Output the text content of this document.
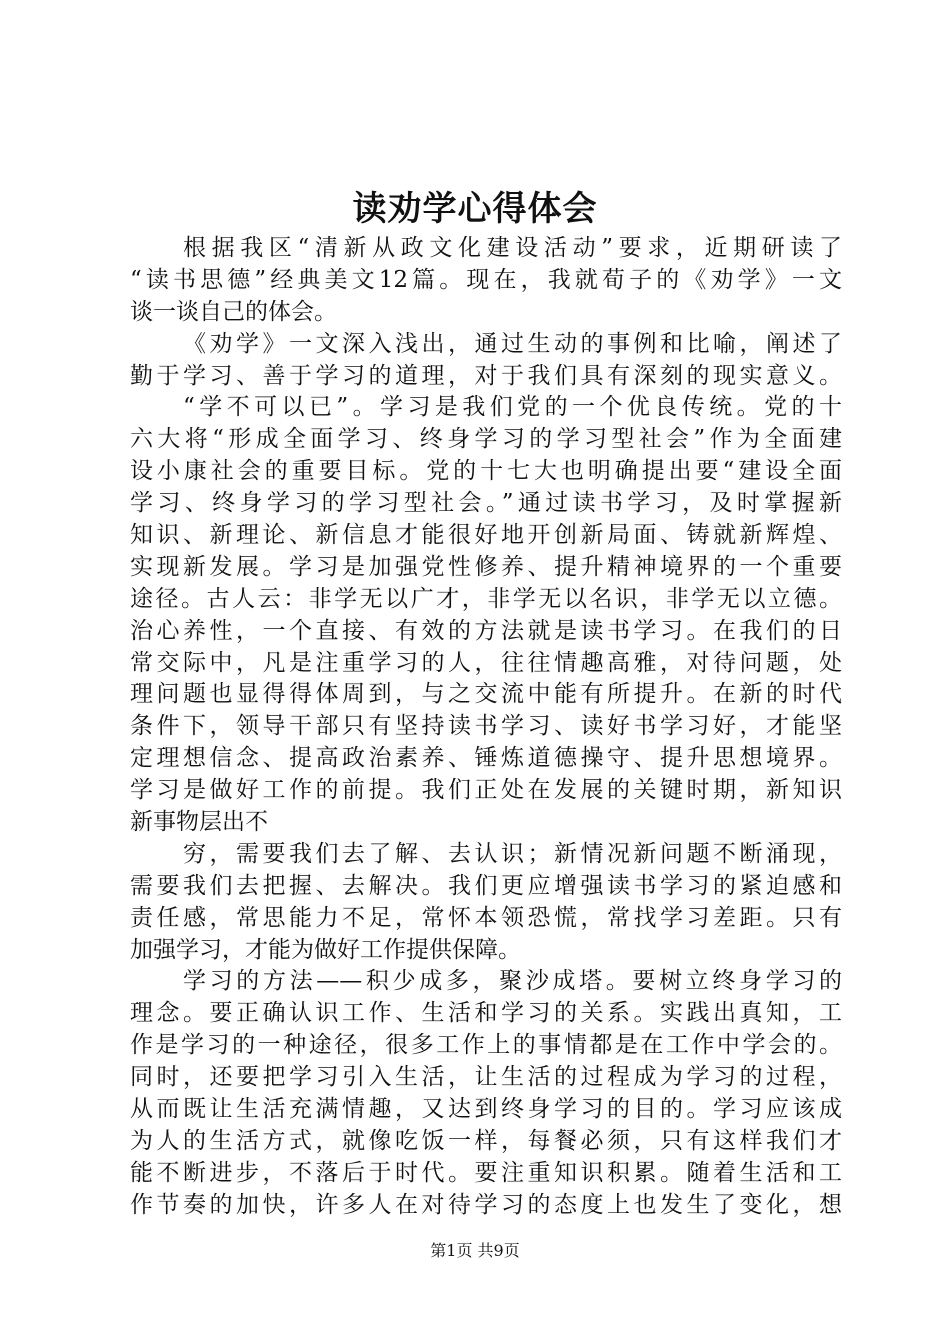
读劝学心得体会
根据我区“清新从政文化建设活动”要求，近期研读了
“读书思德”经典美文12篇。现在，我就荀子的《劝学》一文
谈一谈自己的体会。
《劝学》一文深入浅出，通过生动的事例和比喻，阐述了
勤于学习、善于学习的道理，对于我们具有深刻的现实意义。
“学不可以已”。学习是我们党的一个优良传统。党的十
六大将“形成全面学习、终身学习的学习型社会”作为全面建
设小康社会的重要目标。党的十七大也明确提出要“建设全面
学习、终身学习的学习型社会。”通过读书学习，及时掌握新
知识、新理论、新信息才能很好地开创新局面、铸就新辉煌、
实现新发展。学习是加强党性修养、提升精神境界的一个重要
途径。古人云：非学无以广才，非学无以名识，非学无以立德。
治心养性，一个直接、有效的方法就是读书学习。在我们的日
常交际中，凡是注重学习的人，往往情趣高雅，对待问题，处
理问题也显得得体周到，与之交流中能有所提升。在新的时代
条件下，领导干部只有坚持读书学习、读好书学习好，才能坚
定理想信念、提高政治素养、锤炼道德操守、提升思想境界。
学习是做好工作的前提。我们正处在发展的关键时期，新知识
新事物层出不
穷，需要我们去了解、去认识；新情况新问题不断涌现，
需要我们去把握、去解决。我们更应增强读书学习的紧迫感和
责任感，常思能力不足，常怀本领恐慌，常找学习差距。只有
加强学习，才能为做好工作提供保障。
学习的方法——积少成多，聚沙成塔。要树立终身学习的
理念。要正确认识工作、生活和学习的关系。实践出真知，工
作是学习的一种途径，很多工作上的事情都是在工作中学会的。
同时，还要把学习引入生活，让生活的过程成为学习的过程，
从而既让生活充满情趣，又达到终身学习的目的。学习应该成
为人的生活方式，就像吃饭一样，每餐必须，只有这样我们才
能不断进步，不落后于时代。要注重知识积累。随着生活和工
作节奏的加快，许多人在对待学习的态度上也发生了变化，想
第1页 共9页
